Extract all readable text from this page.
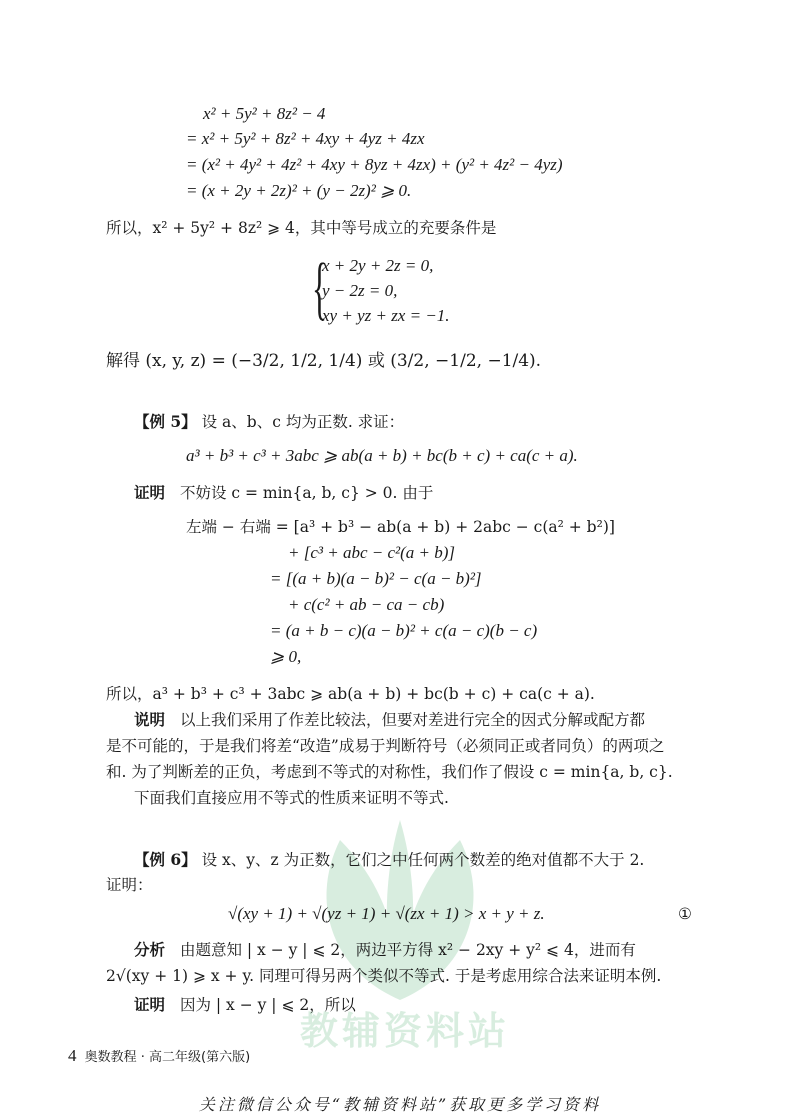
x² + 5y² + 8z² − 4
= x² + 5y² + 8z² + 4xy + 4yz + 4zx
= (x² + 4y² + 4z² + 4xy + 8yz + 4zx) + (y² + 4z² − 4yz)
= (x + 2y + 2z)² + (y − 2z)² ⩾ 0.
所以，x² + 5y² + 8z² ⩾ 4，其中等号成立的充要条件是
{
x + 2y + 2z = 0,
y − 2z = 0,
xy + yz + zx = −1.
解得 (x, y, z) = (−3/2, 1/2, 1/4) 或 (3/2, −1/2, −1/4).
【例 5】 设 a、b、c 均为正数. 求证：
a³ + b³ + c³ + 3abc ⩾ ab(a + b) + bc(b + c) + ca(c + a).
证明 不妨设 c = min{a, b, c} > 0. 由于
左端 − 右端 = [a³ + b³ − ab(a + b) + 2abc − c(a² + b²)]
+ [c³ + abc − c²(a + b)]
= [(a + b)(a − b)² − c(a − b)²]
+ c(c² + ab − ca − cb)
= (a + b − c)(a − b)² + c(a − c)(b − c)
⩾ 0,
所以，a³ + b³ + c³ + 3abc ⩾ ab(a + b) + bc(b + c) + ca(c + a).
说明 以上我们采用了作差比较法，但要对差进行完全的因式分解或配方都
是不可能的，于是我们将差“改造”成易于判断符号（必须同正或者同负）的两项之
和. 为了判断差的正负，考虑到不等式的对称性，我们作了假设 c = min{a, b, c}.
下面我们直接应用不等式的性质来证明不等式.
教辅资料站
【例 6】 设 x、y、z 为正数，它们之中任何两个数差的绝对值都不大于 2.
证明：
√(xy + 1) + √(yz + 1) + √(zx + 1) > x + y + z.	①
分析 由题意知 | x − y | ⩽ 2，两边平方得 x² − 2xy + y² ⩽ 4，进而有
2√(xy + 1) ⩾ x + y. 同理可得另两个类似不等式. 于是考虑用综合法来证明本例.
证明 因为 | x − y | ⩽ 2，所以
4 奥数教程 · 高二年级(第六版)
关注微信公众号“教辅资料站”获取更多学习资料
